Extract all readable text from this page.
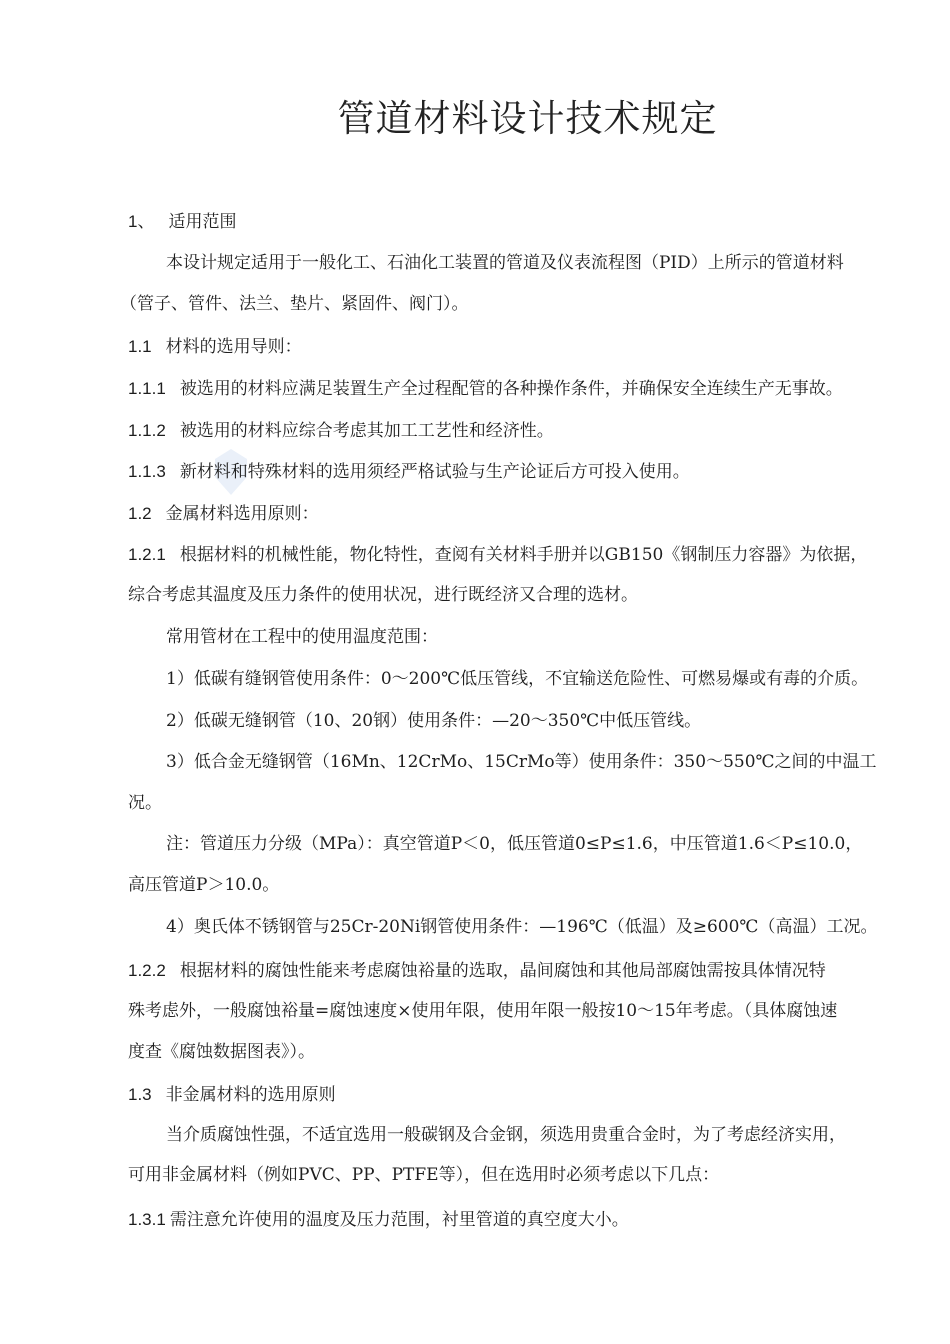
管道材料设计技术规定
1、 适用范围
本设计规定适用于一般化工、石油化工装置的管道及仪表流程图（PID）上所示的管道材料
（管子、管件、法兰、垫片、紧固件、阀门）。
1.1 材料的选用导则：
1.1.1 被选用的材料应满足装置生产全过程配管的各种操作条件，并确保安全连续生产无事故。
1.1.2 被选用的材料应综合考虑其加工工艺性和经济性。
1.1.3 新材料和特殊材料的选用须经严格试验与生产论证后方可投入使用。
1.2 金属材料选用原则：
1.2.1 根据材料的机械性能，物化特性，查阅有关材料手册并以GB150《钢制压力容器》为依据，
综合考虑其温度及压力条件的使用状况，进行既经济又合理的选材。
常用管材在工程中的使用温度范围：
1）低碳有缝钢管使用条件：0～200℃低压管线，不宜输送危险性、可燃易爆或有毒的介质。
2）低碳无缝钢管（10、20钢）使用条件：—20～350℃中低压管线。
3）低合金无缝钢管（16Mn、12CrMo、15CrMo等）使用条件：350～550℃之间的中温工
况。
注：管道压力分级（MPa）：真空管道P＜0，低压管道0≤P≤1.6，中压管道1.6＜P≤10.0，
高压管道P＞10.0。
4）奥氏体不锈钢管与25Cr-20Ni钢管使用条件：—196℃（低温）及≥600℃（高温）工况。
1.2.2 根据材料的腐蚀性能来考虑腐蚀裕量的选取，晶间腐蚀和其他局部腐蚀需按具体情况特
殊考虑外，一般腐蚀裕量=腐蚀速度×使用年限，使用年限一般按10～15年考虑。（具体腐蚀速
度查《腐蚀数据图表》）。
1.3 非金属材料的选用原则
当介质腐蚀性强，不适宜选用一般碳钢及合金钢，须选用贵重合金时，为了考虑经济实用，
可用非金属材料（例如PVC、PP、PTFE等），但在选用时必须考虑以下几点：
1.3.1 需注意允许使用的温度及压力范围，衬里管道的真空度大小。
